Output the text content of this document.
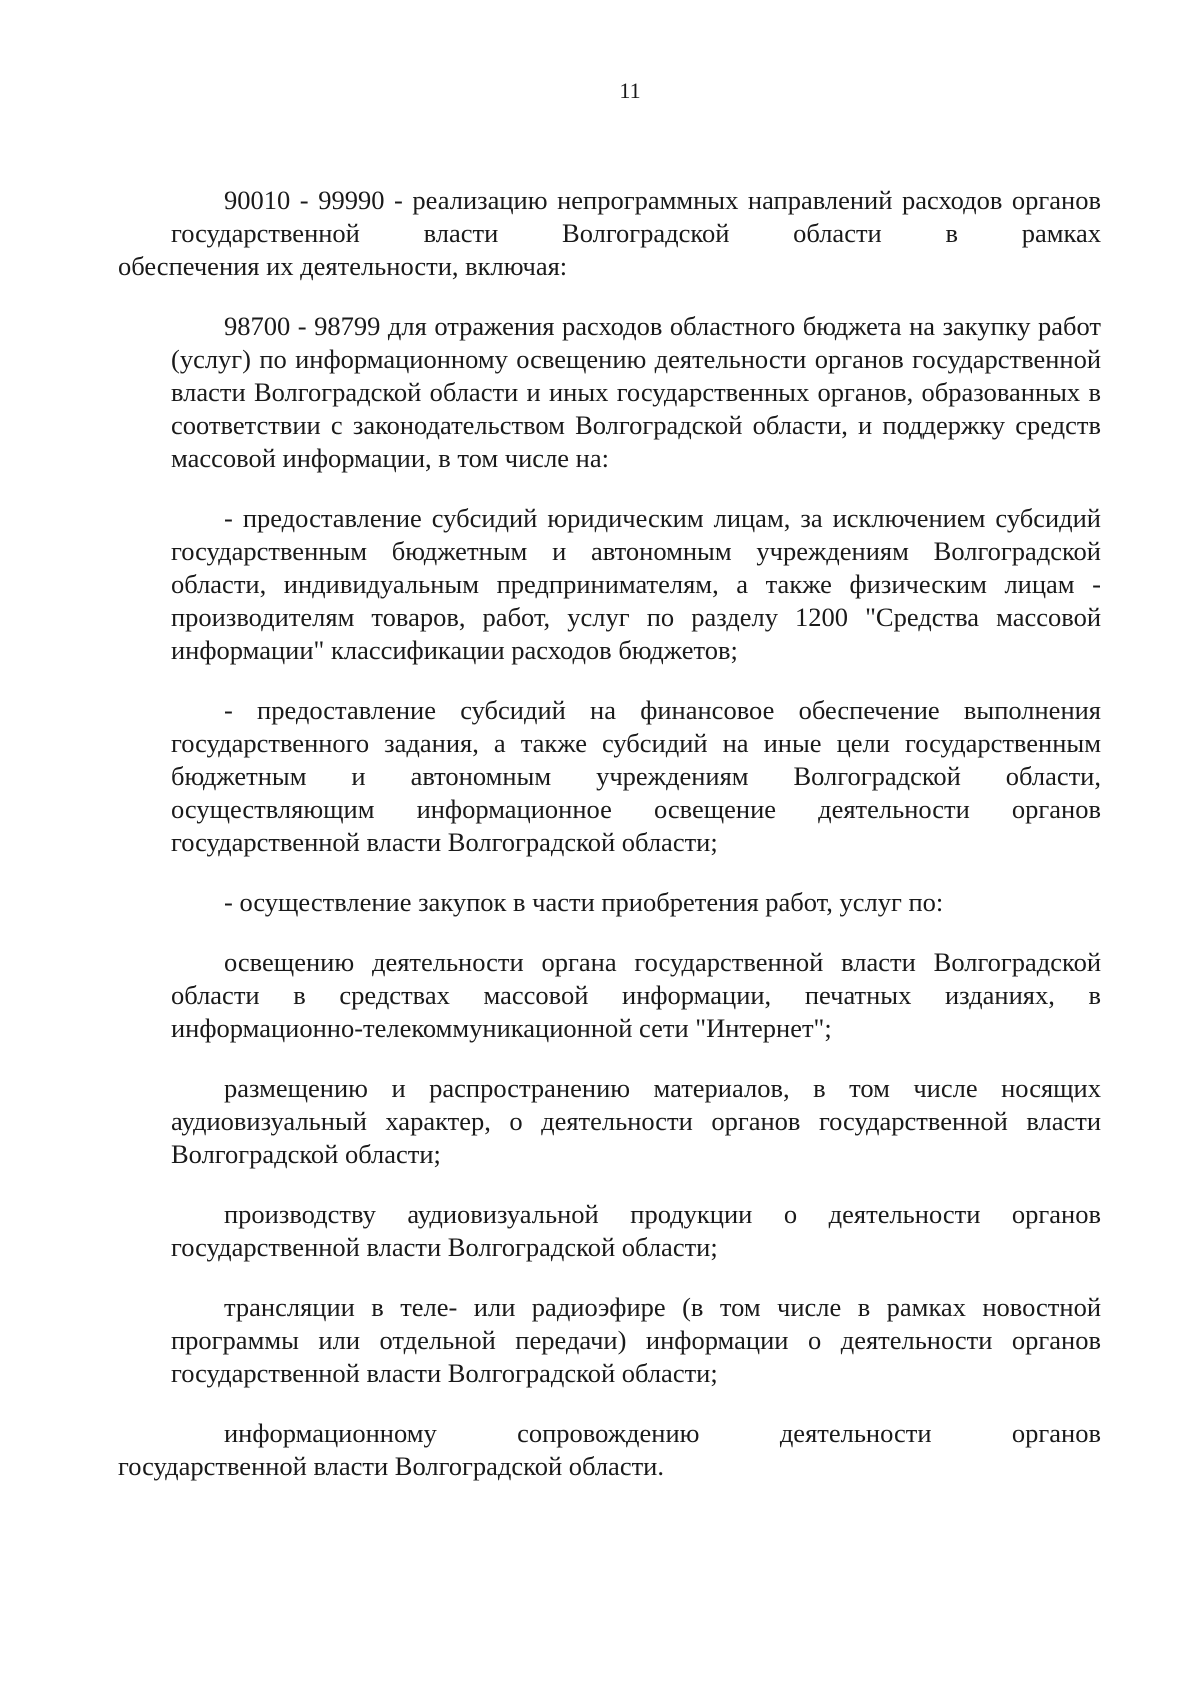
11

90010 - 99990 - реализацию непрограммных направлений расходов органов государственной власти Волгоградской области в рамках
обеспечения их деятельности, включая:

98700 - 98799 для отражения расходов областного бюджета на закупку работ (услуг) по информационному освещению деятельности органов государственной власти Волгоградской области и иных государственных органов, образованных в соответствии с законодательством Волгоградской области, и поддержку средств массовой информации, в том числе на:

- предоставление субсидий юридическим лицам, за исключением субсидий государственным бюджетным и автономным учреждениям Волгоградской области, индивидуальным предпринимателям, а также физическим лицам - производителям товаров, работ, услуг по разделу 1200 "Средства массовой информации" классификации расходов бюджетов;

- предоставление субсидий на финансовое обеспечение выполнения государственного задания, а также субсидий на иные цели государственным бюджетным и автономным учреждениям Волгоградской области, осуществляющим информационное освещение деятельности органов государственной власти Волгоградской области;

- осуществление закупок в части приобретения работ, услуг по:

освещению деятельности органа государственной власти Волгоградской области в средствах массовой информации, печатных изданиях, в информационно-телекоммуникационной сети "Интернет";

размещению и распространению материалов, в том числе носящих аудиовизуальный характер, о деятельности органов государственной власти Волгоградской области;

производству аудиовизуальной продукции о деятельности органов государственной власти Волгоградской области;

трансляции в теле- или радиоэфире (в том числе в рамках новостной программы или отдельной передачи) информации о деятельности органов государственной власти Волгоградской области;

информационному сопровождению деятельности органов
государственной власти Волгоградской области.
